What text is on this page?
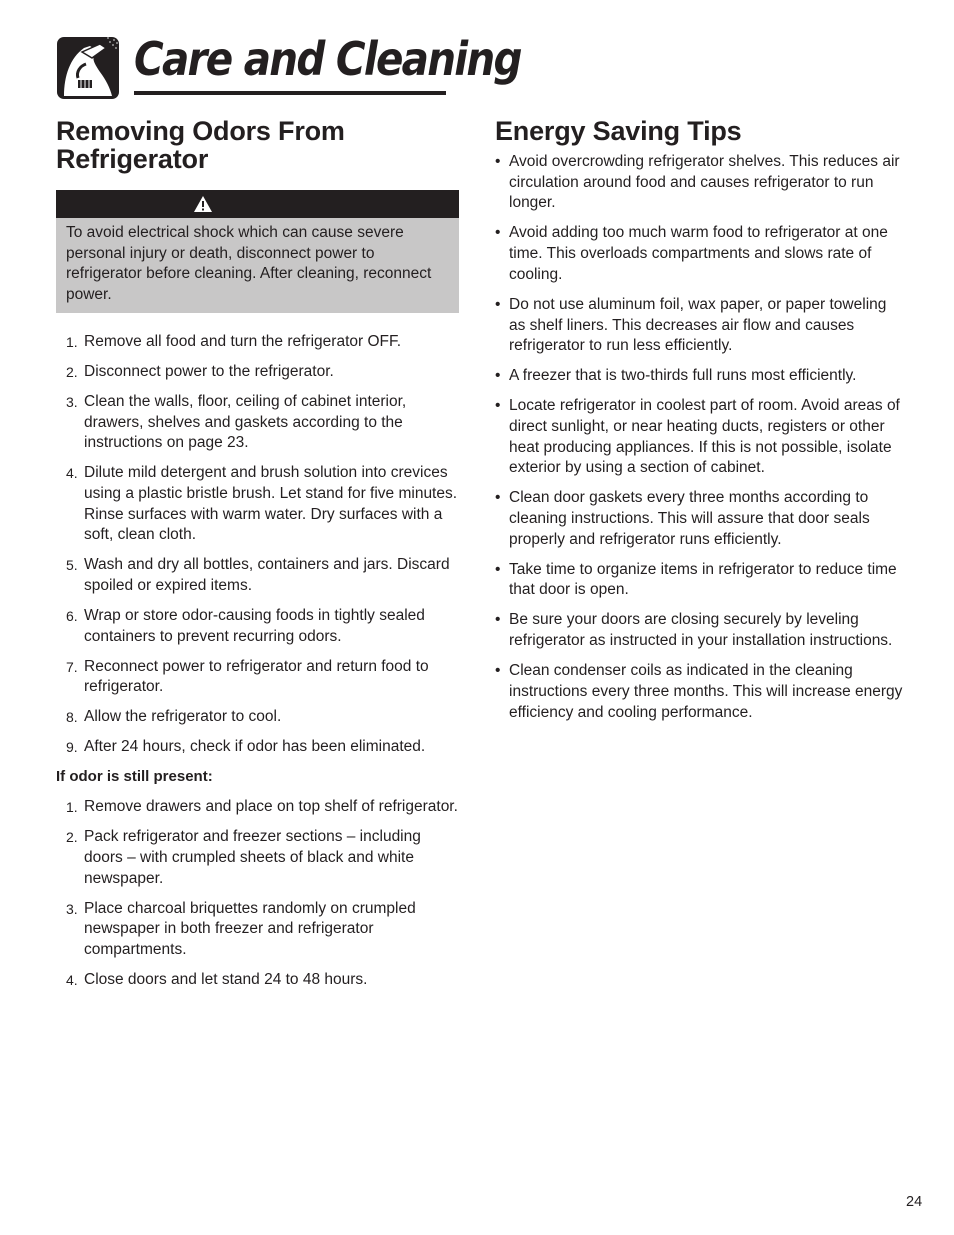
Care and Cleaning
Removing Odors From Refrigerator
To avoid electrical shock which can cause severe personal injury or death, disconnect power to refrigerator before cleaning. After cleaning, reconnect power.
1. Remove all food and turn the refrigerator OFF.
2. Disconnect power to the refrigerator.
3. Clean the walls, floor, ceiling of cabinet interior, drawers, shelves and gaskets according to the instructions on page 23.
4. Dilute mild detergent and brush solution into crevices using a plastic bristle brush. Let stand for five minutes. Rinse surfaces with warm water. Dry surfaces with a soft, clean cloth.
5. Wash and dry all bottles, containers and jars. Discard spoiled or expired items.
6. Wrap or store odor-causing foods in tightly sealed containers to prevent recurring odors.
7. Reconnect power to refrigerator and return food to refrigerator.
8. Allow the refrigerator to cool.
9. After 24 hours, check if odor has been eliminated.

If odor is still present:

1. Remove drawers and place on top shelf of refrigerator.
2. Pack refrigerator and freezer sections – including doors – with crumpled sheets of black and white newspaper.
3. Place charcoal briquettes randomly on crumpled newspaper in both freezer and refrigerator compartments.
4. Close doors and let stand 24 to 48 hours.
Energy Saving Tips
• Avoid overcrowding refrigerator shelves. This reduces air circulation around food and causes refrigerator to run longer.
• Avoid adding too much warm food to refrigerator at one time. This overloads compartments and slows rate of cooling.
• Do not use aluminum foil, wax paper, or paper toweling as shelf liners. This decreases air flow and causes refrigerator to run less efficiently.
• A freezer that is two-thirds full runs most efficiently.
• Locate refrigerator in coolest part of room. Avoid areas of direct sunlight, or near heating ducts, registers or other heat producing appliances. If this is not possible, isolate exterior by using a section of cabinet.
• Clean door gaskets every three months according to cleaning instructions. This will assure that door seals properly and refrigerator runs efficiently.
• Take time to organize items in refrigerator to reduce time that door is open.
• Be sure your doors are closing securely by leveling refrigerator as instructed in your installation instructions.
• Clean condenser coils as indicated in the cleaning instructions every three months. This will increase energy efficiency and cooling performance.
24
